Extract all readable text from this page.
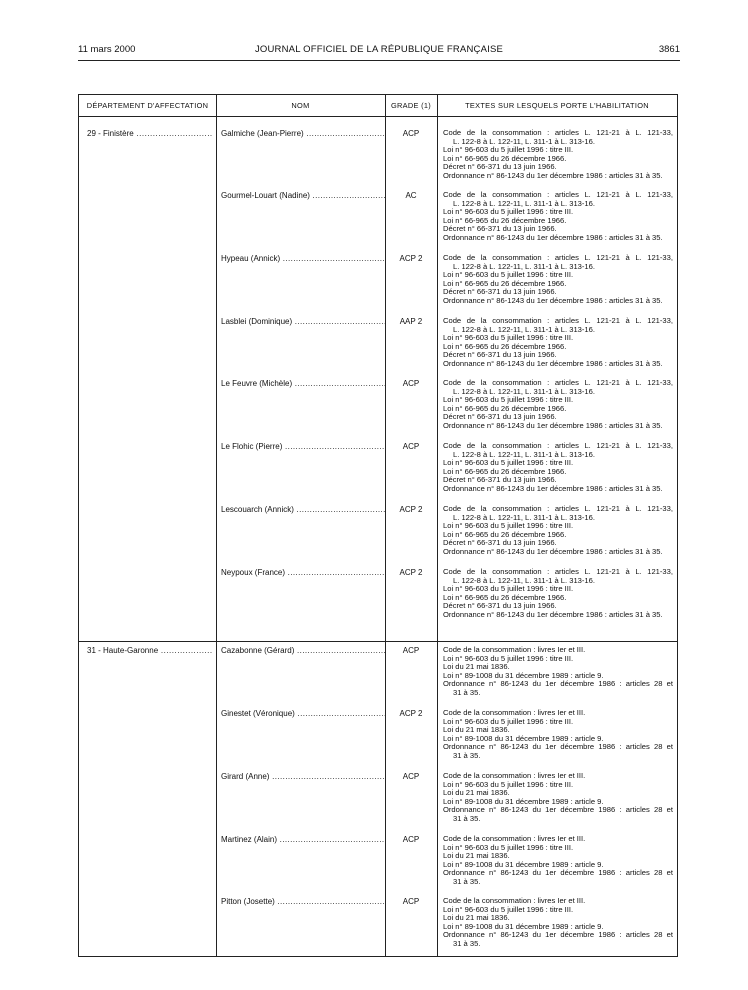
11 mars 2000	JOURNAL OFFICIEL DE LA RÉPUBLIQUE FRANÇAISE	3861
DÉPARTEMENT D'AFFECTATION	NOM	GRADE (1)	TEXTES SUR LESQUELS PORTE L'HABILITATION
29 - Finistère .....	Galmiche (Jean-Pierre) .....	ACP	Code de la consommation : articles L. 121-21 à L. 121-33,
L. 122-8 à L. 122-11, L. 311-1 à L. 313-16.
Loi n° 96-603 du 5 juillet 1996 : titre III.
Loi n° 66-965 du 26 décembre 1966.
Décret n° 66-371 du 13 juin 1966.
Ordonnance n° 86-1243 du 1er décembre 1986 : articles 31 à 35.
Gourmel-Louart (Nadine) .....	AC	Code de la consommation : articles L. 121-21 à L. 121-33,
L. 122-8 à L. 122-11, L. 311-1 à L. 313-16.
Loi n° 96-603 du 5 juillet 1996 : titre III.
Loi n° 66-965 du 26 décembre 1966.
Décret n° 66-371 du 13 juin 1966.
Ordonnance n° 86-1243 du 1er décembre 1986 : articles 31 à 35.
Hypeau (Annick) .....	ACP 2	Code de la consommation : articles L. 121-21 à L. 121-33,
L. 122-8 à L. 122-11, L. 311-1 à L. 313-16.
Loi n° 96-603 du 5 juillet 1996 : titre III.
Loi n° 66-965 du 26 décembre 1966.
Décret n° 66-371 du 13 juin 1966.
Ordonnance n° 86-1243 du 1er décembre 1986 : articles 31 à 35.
Lasblei (Dominique) .....	AAP 2	Code de la consommation : articles L. 121-21 à L. 121-33,
L. 122-8 à L. 122-11, L. 311-1 à L. 313-16.
Loi n° 96-603 du 5 juillet 1996 : titre III.
Loi n° 66-965 du 26 décembre 1966.
Décret n° 66-371 du 13 juin 1966.
Ordonnance n° 86-1243 du 1er décembre 1986 : articles 31 à 35.
Le Feuvre (Michèle) .....	ACP	Code de la consommation : articles L. 121-21 à L. 121-33,
L. 122-8 à L. 122-11, L. 311-1 à L. 313-16.
Loi n° 96-603 du 5 juillet 1996 : titre III.
Loi n° 66-965 du 26 décembre 1966.
Décret n° 66-371 du 13 juin 1966.
Ordonnance n° 86-1243 du 1er décembre 1986 : articles 31 à 35.
Le Flohic (Pierre) .....	ACP	Code de la consommation : articles L. 121-21 à L. 121-33,
L. 122-8 à L. 122-11, L. 311-1 à L. 313-16.
Loi n° 96-603 du 5 juillet 1996 : titre III.
Loi n° 66-965 du 26 décembre 1966.
Décret n° 66-371 du 13 juin 1966.
Ordonnance n° 86-1243 du 1er décembre 1986 : articles 31 à 35.
Lescouarch (Annick) .....	ACP 2	Code de la consommation : articles L. 121-21 à L. 121-33,
L. 122-8 à L. 122-11, L. 311-1 à L. 313-16.
Loi n° 96-603 du 5 juillet 1996 : titre III.
Loi n° 66-965 du 26 décembre 1966.
Décret n° 66-371 du 13 juin 1966.
Ordonnance n° 86-1243 du 1er décembre 1986 : articles 31 à 35.
Neypoux (France) .....	ACP 2	Code de la consommation : articles L. 121-21 à L. 121-33,
L. 122-8 à L. 122-11, L. 311-1 à L. 313-16.
Loi n° 96-603 du 5 juillet 1996 : titre III.
Loi n° 66-965 du 26 décembre 1966.
Décret n° 66-371 du 13 juin 1966.
Ordonnance n° 86-1243 du 1er décembre 1986 : articles 31 à 35.
31 - Haute-Garonne .....	Cazabonne (Gérard) .....	ACP	Code de la consommation : livres Ier et III.
Loi n° 96-603 du 5 juillet 1996 : titre III.
Loi du 21 mai 1836.
Loi n° 89-1008 du 31 décembre 1989 : article 9.
Ordonnance n° 86-1243 du 1er décembre 1986 : articles 28 et
31 à 35.
Ginestet (Véronique) .....	ACP 2	Code de la consommation : livres Ier et III.
Loi n° 96-603 du 5 juillet 1996 : titre III.
Loi du 21 mai 1836.
Loi n° 89-1008 du 31 décembre 1989 : article 9.
Ordonnance n° 86-1243 du 1er décembre 1986 : articles 28 et
31 à 35.
Girard (Anne) .....	ACP	Code de la consommation : livres Ier et III.
Loi n° 96-603 du 5 juillet 1996 : titre III.
Loi du 21 mai 1836.
Loi n° 89-1008 du 31 décembre 1989 : article 9.
Ordonnance n° 86-1243 du 1er décembre 1986 : articles 28 et
31 à 35.
Martinez (Alain) .....	ACP	Code de la consommation : livres Ier et III.
Loi n° 96-603 du 5 juillet 1996 : titre III.
Loi du 21 mai 1836.
Loi n° 89-1008 du 31 décembre 1989 : article 9.
Ordonnance n° 86-1243 du 1er décembre 1986 : articles 28 et
31 à 35.
Pitton (Josette) .....	ACP	Code de la consommation : livres Ier et III.
Loi n° 96-603 du 5 juillet 1996 : titre III.
Loi du 21 mai 1836.
Loi n° 89-1008 du 31 décembre 1989 : article 9.
Ordonnance n° 86-1243 du 1er décembre 1986 : articles 28 et
31 à 35.
